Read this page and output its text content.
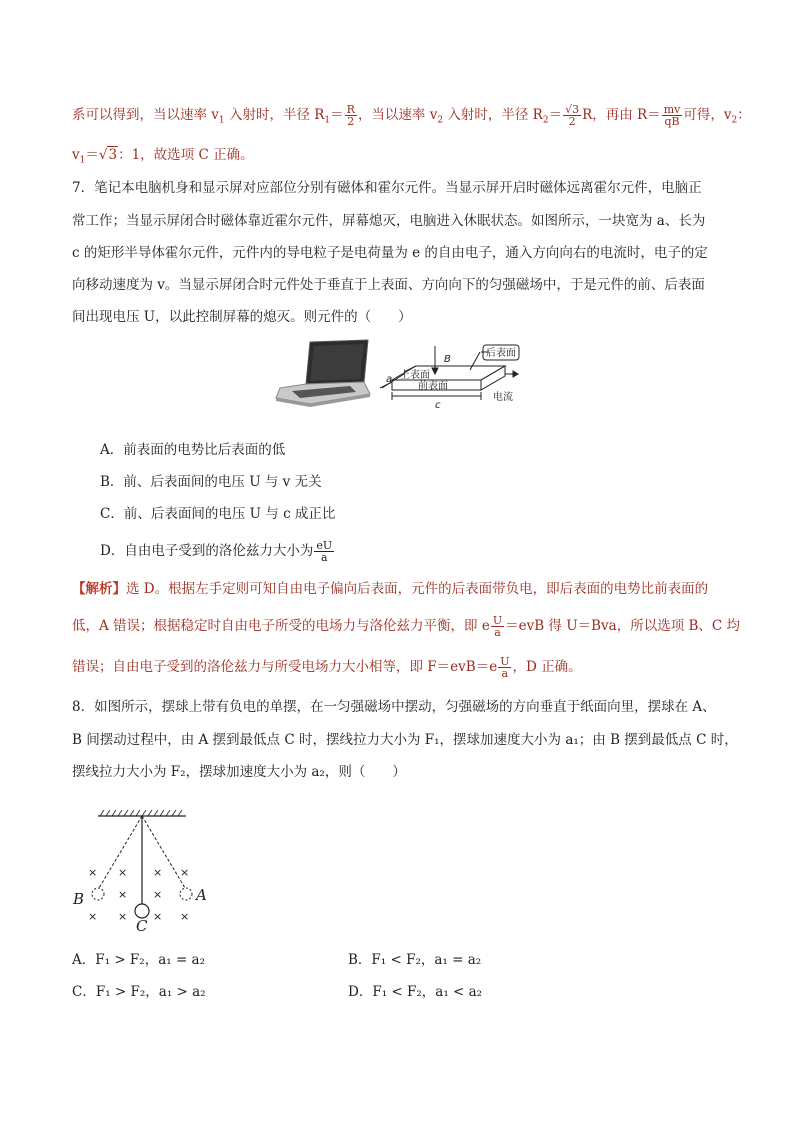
系可以得到，当以速率 $v_1$ 入射时，半径 $R_1= \frac{R}{2}$ ，当以速率 $v_2$ 入射时，半径 $R_2= \frac{√3}{2}$ R，再由 $R= \frac{mv}{qB}$ 可得，$v_2$：
$v_1=√3$：1，故选项 C 正确。
7．笔记本电脑机身和显示屏对应部位分别有磁体和霍尔元件。当显示屏开启时磁体远离霍尔元件，电脑正
常工作；当显示屏闭合时磁体靠近霍尔元件，屏幕熄灭，电脑进入休眠状态。如图所示，一块宽为 a、长为
c 的矩形半导体霍尔元件，元件内的导电粒子是电荷量为 e 的自由电子，通入方向向右的电流时，电子的定
向移动速度为 v。当显示屏闭合时元件处于垂直于上表面、方向向下的匀强磁场中，于是元件的前、后表面
间出现电压 U，以此控制屏幕的熄灭。则元件的（　　）
B
后表面
上表面
前表面
电流
a
c
A．前表面的电势比后表面的低
B．前、后表面间的电压 U 与 v 无关
C．前、后表面间的电压 U 与 c 成正比
D．自由电子受到的洛伦兹力大小为 $\frac{eU}{a}$
【解析】选 D。根据左手定则可知自由电子偏向后表面，元件的后表面带负电，即后表面的电势比前表面的
低，A 错误；根据稳定时自由电子所受的电场力与洛伦兹力平衡，即 e $\frac{U}{a} =evB$ 得 U＝Bva，所以选项 B、C 均
错误；自由电子受到的洛伦兹力与所受电场力大小相等，即 $F=evB=e \frac{U}{a}$ ，D 正确。
8．如图所示，摆球上带有负电的单摆，在一匀强磁场中摆动，匀强磁场的方向垂直于纸面向里，摆球在 A、
B 间摆动过程中，由 A 摆到最低点 C 时，摆线拉力大小为 F₁，摆球加速度大小为 a₁；由 B 摆到最低点 C 时，
摆线拉力大小为 F₂，摆球加速度大小为 a₂，则（　　）
× × × ×
× ×
× × × ×
B	A
C
A．F₁ > F₂，a₁ = a₂	B．F₁ < F₂，a₁ = a₂
C．F₁ > F₂，a₁ > a₂	D．F₁ < F₂，a₁ < a₂
